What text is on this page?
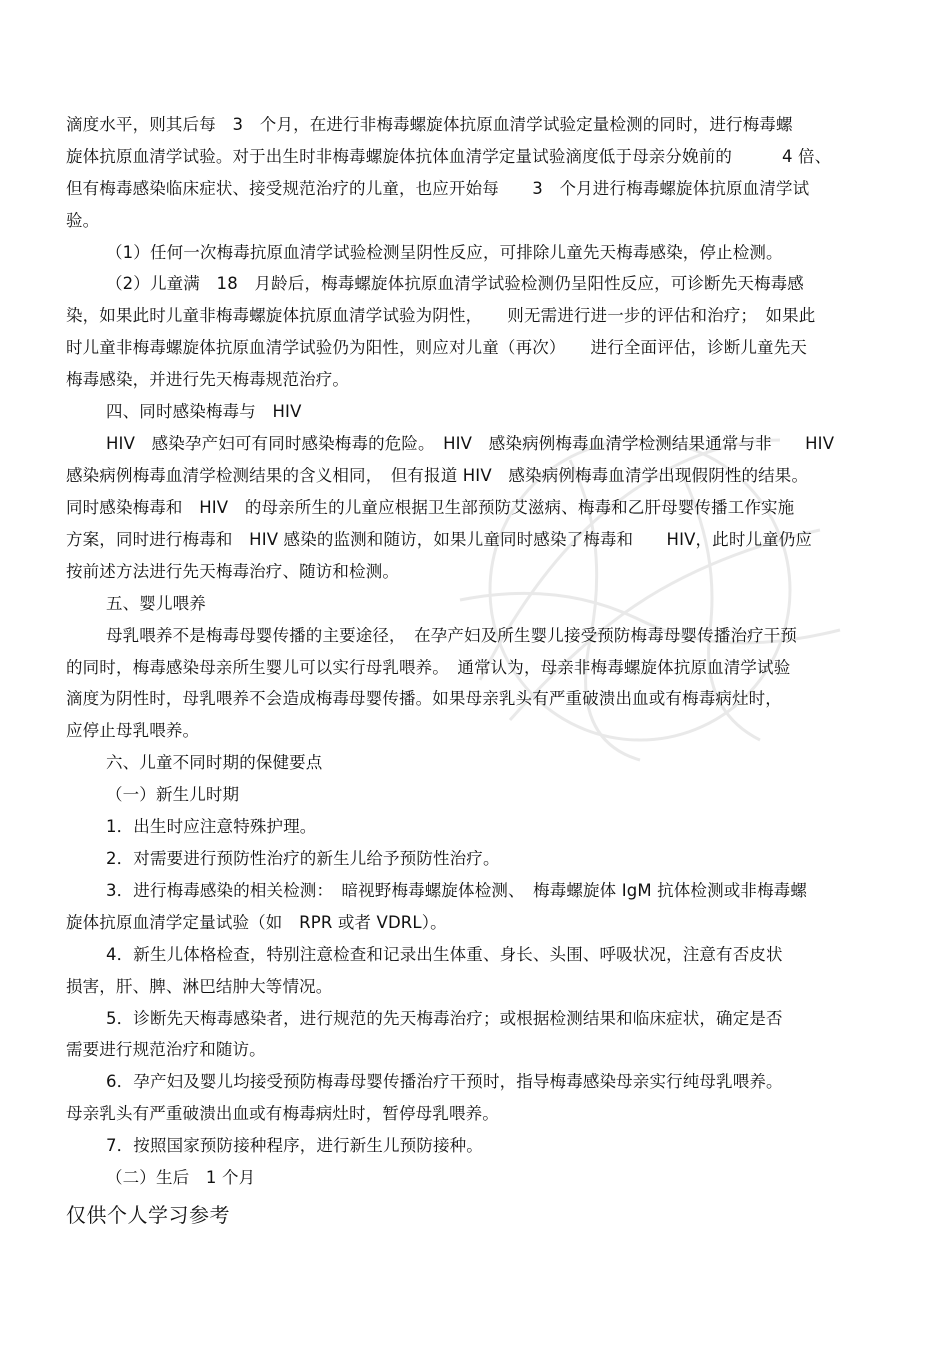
滴度水平，则其后每　3　个月，在进行非梅毒螺旋体抗原血清学试验定量检测的同时，进行梅毒螺
旋体抗原血清学试验。对于出生时非梅毒螺旋体抗体血清学定量试验滴度低于母亲分娩前的　　　4 倍、
但有梅毒感染临床症状、接受规范治疗的儿童，也应开始每　　3　个月进行梅毒螺旋体抗原血清学试
验。
（1）任何一次梅毒抗原血清学试验检测呈阴性反应，可排除儿童先天梅毒感染，停止检测。
（2）儿童满　18　月龄后，梅毒螺旋体抗原血清学试验检测仍呈阳性反应，可诊断先天梅毒感
染，如果此时儿童非梅毒螺旋体抗原血清学试验为阴性，　　则无需进行进一步的评估和治疗；　如果此
时儿童非梅毒螺旋体抗原血清学试验仍为阳性，则应对儿童（再次）　　进行全面评估，诊断儿童先天
梅毒感染，并进行先天梅毒规范治疗。
四、同时感染梅毒与　HIV
HIV　感染孕产妇可有同时感染梅毒的危险。　HIV　感染病例梅毒血清学检测结果通常与非　　HIV
感染病例梅毒血清学检测结果的含义相同，　但有报道 HIV　感染病例梅毒血清学出现假阴性的结果。
同时感染梅毒和　HIV　的母亲所生的儿童应根据卫生部预防艾滋病、梅毒和乙肝母婴传播工作实施
方案，同时进行梅毒和　HIV 感染的监测和随访，如果儿童同时感染了梅毒和　　HIV，此时儿童仍应
按前述方法进行先天梅毒治疗、随访和检测。
五、婴儿喂养
母乳喂养不是梅毒母婴传播的主要途径，　在孕产妇及所生婴儿接受预防梅毒母婴传播治疗干预
的同时，梅毒感染母亲所生婴儿可以实行母乳喂养。　通常认为，母亲非梅毒螺旋体抗原血清学试验
滴度为阴性时，母乳喂养不会造成梅毒母婴传播。如果母亲乳头有严重破溃出血或有梅毒病灶时，
应停止母乳喂养。
六、儿童不同时期的保健要点
（一）新生儿时期
1．出生时应注意特殊护理。
2．对需要进行预防性治疗的新生儿给予预防性治疗。
3．进行梅毒感染的相关检测：　暗视野梅毒螺旋体检测、　梅毒螺旋体 IgM 抗体检测或非梅毒螺
旋体抗原血清学定量试验（如　RPR 或者 VDRL）。
4．新生儿体格检查，特别注意检查和记录出生体重、身长、头围、呼吸状况，注意有否皮状
损害，肝、脾、淋巴结肿大等情况。
5．诊断先天梅毒感染者，进行规范的先天梅毒治疗；或根据检测结果和临床症状，确定是否
需要进行规范治疗和随访。
6．孕产妇及婴儿均接受预防梅毒母婴传播治疗干预时，指导梅毒感染母亲实行纯母乳喂养。
母亲乳头有严重破溃出血或有梅毒病灶时，暂停母乳喂养。
7．按照国家预防接种程序，进行新生儿预防接种。
（二）生后　1 个月
仅供个人学习参考
